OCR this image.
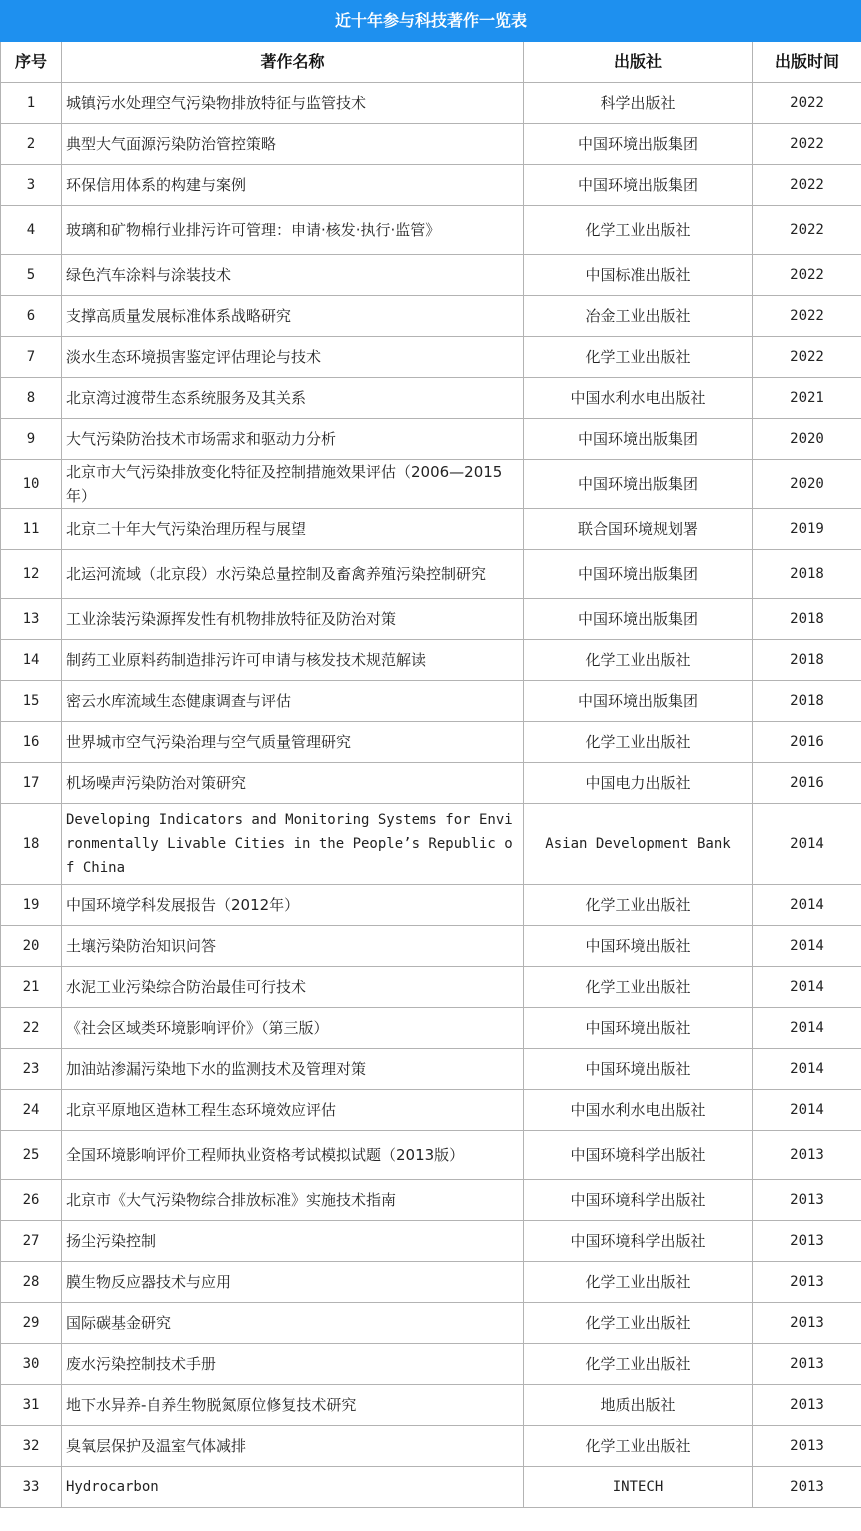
近十年参与科技著作一览表			
序号	著作名称	出版社	出版时间
1	城镇污水处理空气污染物排放特征与监管技术	科学出版社	2022
2	典型大气面源污染防治管控策略	中国环境出版集团	2022
3	环保信用体系的构建与案例	中国环境出版集团	2022
4	玻璃和矿物棉行业排污许可管理：申请·核发·执行·监管》	化学工业出版社	2022
5	绿色汽车涂料与涂装技术	中国标准出版社	2022
6	支撑高质量发展标准体系战略研究	冶金工业出版社	2022
7	淡水生态环境损害鉴定评估理论与技术	化学工业出版社	2022
8	北京湾过渡带生态系统服务及其关系	中国水利水电出版社	2021
9	大气污染防治技术市场需求和驱动力分析	中国环境出版集团	2020
10	北京市大气污染排放变化特征及控制措施效果评估（2006—2015年）	中国环境出版集团	2020
11	北京二十年大气污染治理历程与展望	联合国环境规划署	2019
12	北运河流域（北京段）水污染总量控制及畜禽养殖污染控制研究	中国环境出版集团	2018
13	工业涂装污染源挥发性有机物排放特征及防治对策	中国环境出版集团	2018
14	制药工业原料药制造排污许可申请与核发技术规范解读	化学工业出版社	2018
15	密云水库流域生态健康调查与评估	中国环境出版集团	2018
16	世界城市空气污染治理与空气质量管理研究	化学工业出版社	2016
17	机场噪声污染防治对策研究	中国电力出版社	2016
18	Developing Indicators and Monitoring Systems for Environmentally Livable Cities in the People’s Republic of China	Asian Development Bank	2014
19	中国环境学科发展报告（2012年）	化学工业出版社	2014
20	土壤污染防治知识问答	中国环境出版社	2014
21	水泥工业污染综合防治最佳可行技术	化学工业出版社	2014
22	《社会区域类环境影响评价》（第三版）	中国环境出版社	2014
23	加油站渗漏污染地下水的监测技术及管理对策	中国环境出版社	2014
24	北京平原地区造林工程生态环境效应评估	中国水利水电出版社	2014
25	全国环境影响评价工程师执业资格考试模拟试题（2013版）	中国环境科学出版社	2013
26	北京市《大气污染物综合排放标准》实施技术指南	中国环境科学出版社	2013
27	扬尘污染控制	中国环境科学出版社	2013
28	膜生物反应器技术与应用	化学工业出版社	2013
29	国际碳基金研究	化学工业出版社	2013
30	废水污染控制技术手册	化学工业出版社	2013
31	地下水异养-自养生物脱氮原位修复技术研究	地质出版社	2013
32	臭氧层保护及温室气体减排	化学工业出版社	2013
33	Hydrocarbon	INTECH	2013
